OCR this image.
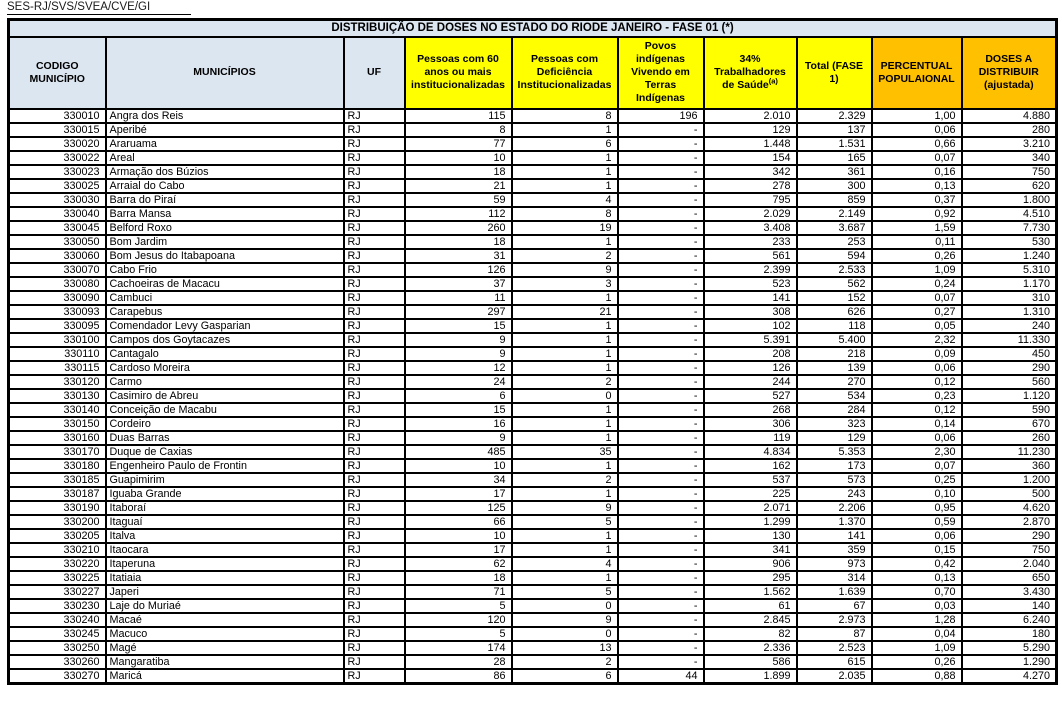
SES-RJ/SVS/SVEA/CVE/GI
DISTRIBUIÇÃO DE DOSES NO ESTADO DO RIODE JANEIRO - FASE 01 (*)									
CODIGO MUNICÍPIO	MUNICÍPIOS	UF	Pessoas com 60 anos ou mais institucionalizadas	Pessoas com Deficiência Institucionalizadas	Povos indígenas Vivendo em Terras Indígenas	34% Trabalhadores de Saúde$^{(a)}$	Total (FASE 1)	PERCENTUAL POPULAIONAL	DOSES A DISTRIBUIR (ajustada)
330010	Angra dos Reis	RJ	115	8	196	2.010	2.329	1,00	4.880
330015	Aperibé	RJ	8	1	-	129	137	0,06	280
330020	Araruama	RJ	77	6	-	1.448	1.531	0,66	3.210
330022	Areal	RJ	10	1	-	154	165	0,07	340
330023	Armação dos Búzios	RJ	18	1	-	342	361	0,16	750
330025	Arraial do Cabo	RJ	21	1	-	278	300	0,13	620
330030	Barra do Piraí	RJ	59	4	-	795	859	0,37	1.800
330040	Barra Mansa	RJ	112	8	-	2.029	2.149	0,92	4.510
330045	Belford Roxo	RJ	260	19	-	3.408	3.687	1,59	7.730
330050	Bom Jardim	RJ	18	1	-	233	253	0,11	530
330060	Bom Jesus do Itabapoana	RJ	31	2	-	561	594	0,26	1.240
330070	Cabo Frio	RJ	126	9	-	2.399	2.533	1,09	5.310
330080	Cachoeiras de Macacu	RJ	37	3	-	523	562	0,24	1.170
330090	Cambuci	RJ	11	1	-	141	152	0,07	310
330093	Carapebus	RJ	297	21	-	308	626	0,27	1.310
330095	Comendador Levy Gasparian	RJ	15	1	-	102	118	0,05	240
330100	Campos dos Goytacazes	RJ	9	1	-	5.391	5.400	2,32	11.330
330110	Cantagalo	RJ	9	1	-	208	218	0,09	450
330115	Cardoso Moreira	RJ	12	1	-	126	139	0,06	290
330120	Carmo	RJ	24	2	-	244	270	0,12	560
330130	Casimiro de Abreu	RJ	6	0	-	527	534	0,23	1.120
330140	Conceição de Macabu	RJ	15	1	-	268	284	0,12	590
330150	Cordeiro	RJ	16	1	-	306	323	0,14	670
330160	Duas Barras	RJ	9	1	-	119	129	0,06	260
330170	Duque de Caxias	RJ	485	35	-	4.834	5.353	2,30	11.230
330180	Engenheiro Paulo de Frontin	RJ	10	1	-	162	173	0,07	360
330185	Guapimirim	RJ	34	2	-	537	573	0,25	1.200
330187	Iguaba Grande	RJ	17	1	-	225	243	0,10	500
330190	Itaboraí	RJ	125	9	-	2.071	2.206	0,95	4.620
330200	Itaguaí	RJ	66	5	-	1.299	1.370	0,59	2.870
330205	Italva	RJ	10	1	-	130	141	0,06	290
330210	Itaocara	RJ	17	1	-	341	359	0,15	750
330220	Itaperuna	RJ	62	4	-	906	973	0,42	2.040
330225	Itatiaia	RJ	18	1	-	295	314	0,13	650
330227	Japeri	RJ	71	5	-	1.562	1.639	0,70	3.430
330230	Laje do Muriaé	RJ	5	0	-	61	67	0,03	140
330240	Macaé	RJ	120	9	-	2.845	2.973	1,28	6.240
330245	Macuco	RJ	5	0	-	82	87	0,04	180
330250	Magé	RJ	174	13	-	2.336	2.523	1,09	5.290
330260	Mangaratiba	RJ	28	2	-	586	615	0,26	1.290
330270	Maricá	RJ	86	6	44	1.899	2.035	0,88	4.270
